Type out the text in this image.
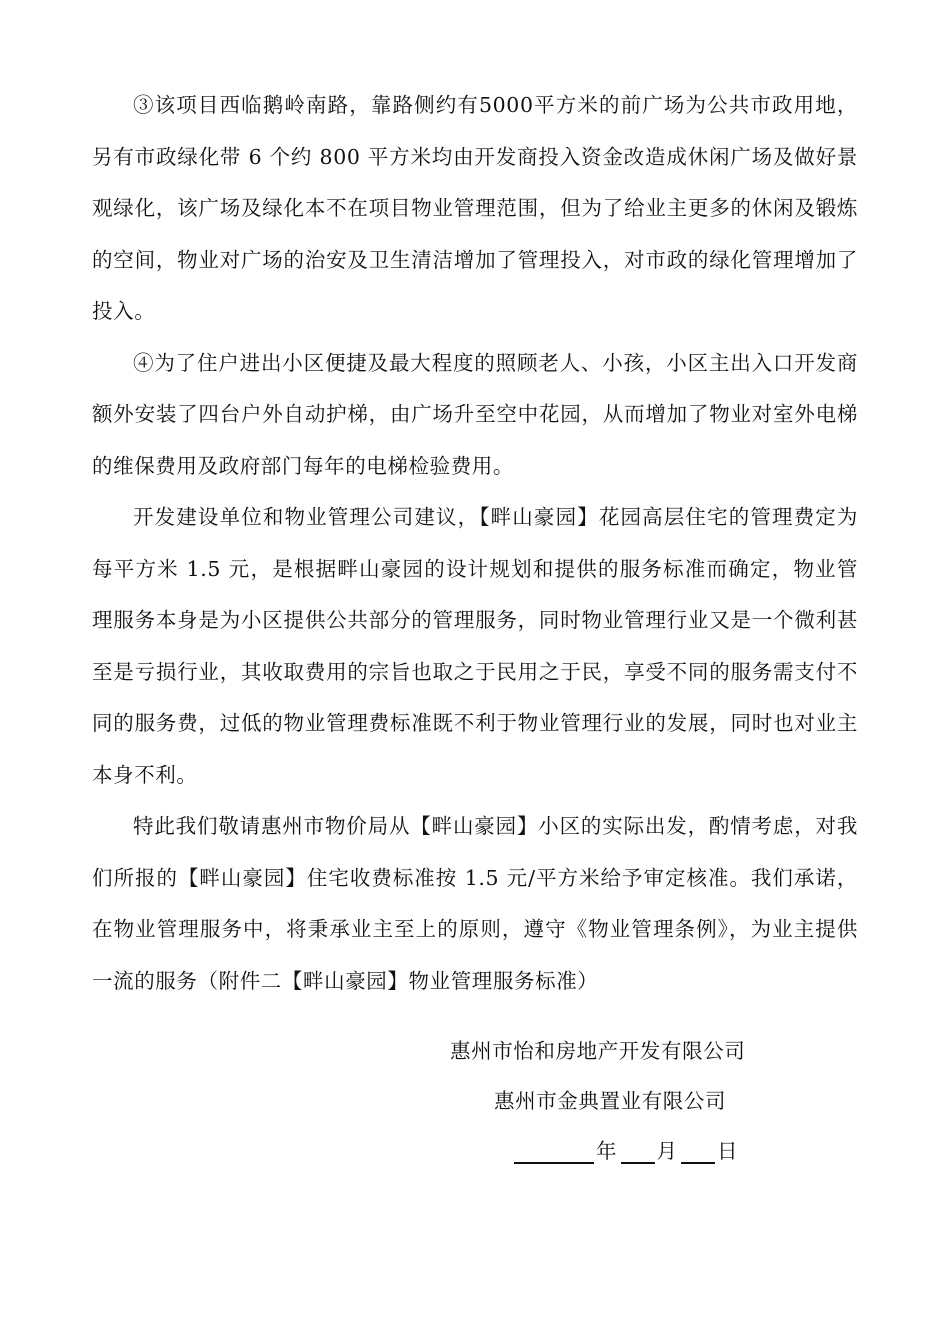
③该项目西临鹅岭南路，靠路侧约有5000平方米的前广场为公共市政用地，另有市政绿化带 6 个约 800 平方米均由开发商投入资金改造成休闲广场及做好景观绿化，该广场及绿化本不在项目物业管理范围，但为了给业主更多的休闲及锻炼的空间，物业对广场的治安及卫生清洁增加了管理投入，对市政的绿化管理增加了投入。

④为了住户进出小区便捷及最大程度的照顾老人、小孩，小区主出入口开发商额外安装了四台户外自动护梯，由广场升至空中花园，从而增加了物业对室外电梯的维保费用及政府部门每年的电梯检验费用。

开发建设单位和物业管理公司建议，【畔山豪园】花园高层住宅的管理费定为每平方米 1.5 元，是根据畔山豪园的设计规划和提供的服务标准而确定，物业管理服务本身是为小区提供公共部分的管理服务，同时物业管理行业又是一个微利甚至是亏损行业，其收取费用的宗旨也取之于民用之于民，享受不同的服务需支付不同的服务费，过低的物业管理费标准既不利于物业管理行业的发展，同时也对业主本身不利。

特此我们敬请惠州市物价局从【畔山豪园】小区的实际出发，酌情考虑，对我们所报的【畔山豪园】住宅收费标准按 1.5 元/平方米给予审定核准。我们承诺，在物业管理服务中，将秉承业主至上的原则，遵守《物业管理条例》，为业主提供一流的服务（附件二【畔山豪园】物业管理服务标准）

惠州市怡和房地产开发有限公司
惠州市金典置业有限公司
年 月 日
